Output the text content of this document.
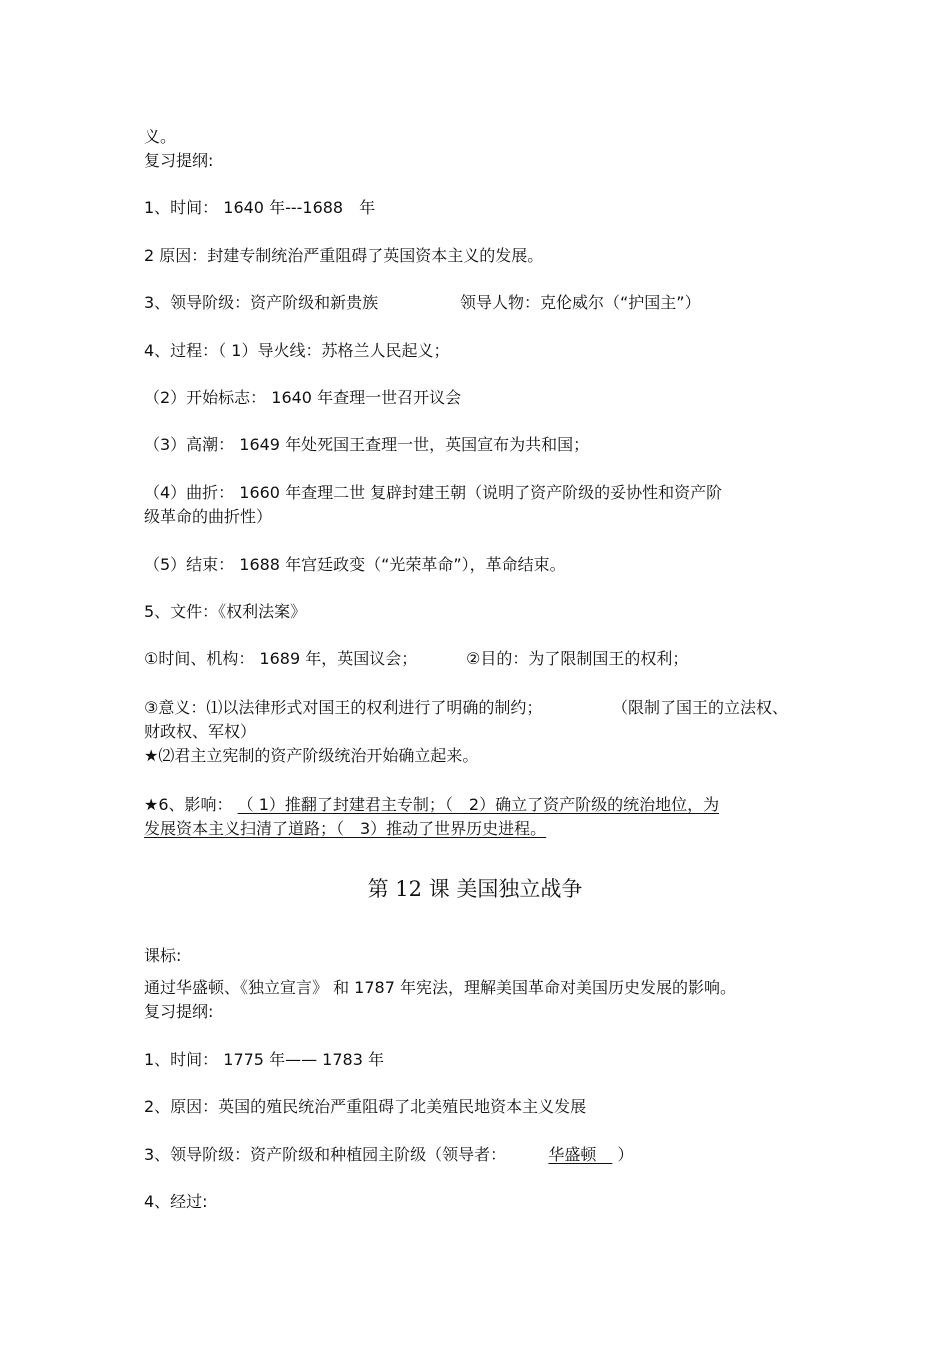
义。
复习提纲:
1、时间： 1640 年---1688　年
2 原因：封建专制统治严重阻碍了英国资本主义的发展。
3、领导阶级：资产阶级和新贵族	领导人物：克伦威尔（“护国主”）
4、过程：（ 1）导火线：苏格兰人民起义；
（2）开始标志： 1640 年查理一世召开议会
（3）高潮： 1649 年处死国王查理一世，英国宣布为共和国；
（4）曲折： 1660 年查理二世 复辟封建王朝（说明了资产阶级的妥协性和资产阶
级革命的曲折性）
（5）结束： 1688 年宫廷政变（“光荣革命”），革命结束。
5、文件：《权利法案》
①时间、机构： 1689 年，英国议会；	②目的：为了限制国王的权利；
③意义：⑴以法律形式对国王的权利进行了明确的制约；	（限制了国王的立法权、
财政权、军权）
★⑵君主立宪制的资产阶级统治开始确立起来。
★6、影响： （ 1）推翻了封建君主专制；（　2）确立了资产阶级的统治地位，为
发展资本主义扫清了道路；（　3）推动了世界历史进程。
第 12 课 美国独立战争
课标:
通过华盛顿、《独立宣言》 和 1787 年宪法，理解美国革命对美国历史发展的影响。
复习提纲:
1、时间： 1775 年—— 1783 年
2、原因：英国的殖民统治严重阻碍了北美殖民地资本主义发展
3、领导阶级：资产阶级和种植园主阶级（领导者：	华盛顿　 ）
4、经过:
